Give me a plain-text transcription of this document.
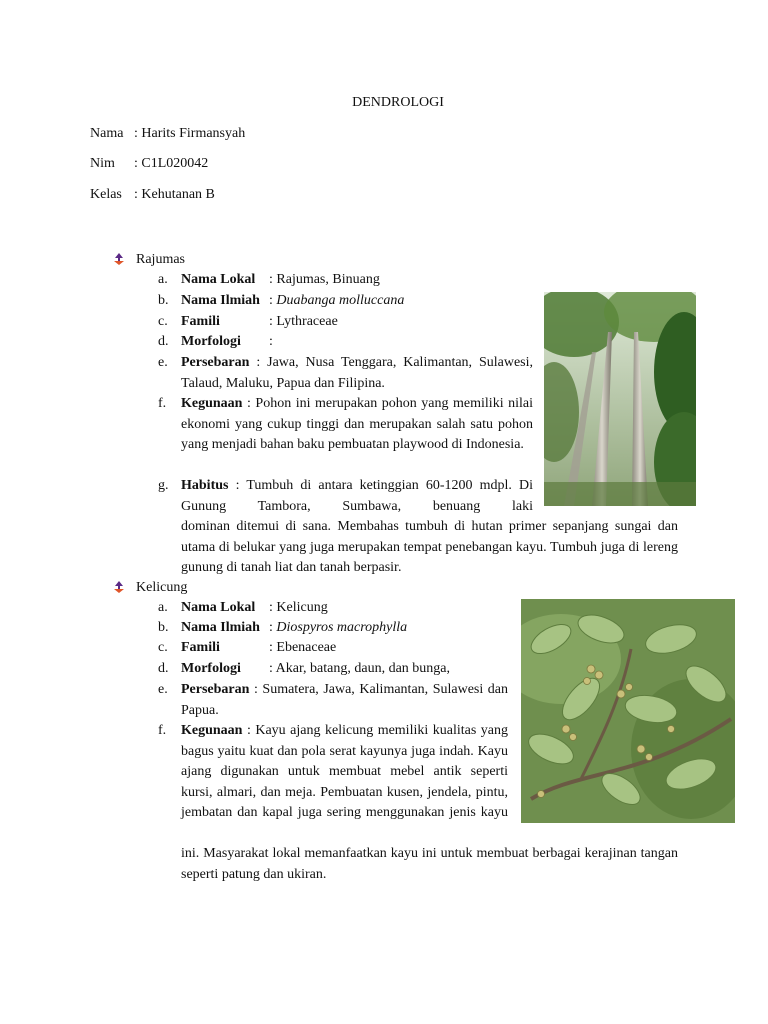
DENDROLOGI
Nama : Harits Firmansyah
Nim : C1L020042
Kelas : Kehutanan B
Rajumas
a. Nama Lokal : Rajumas, Binuang
b. Nama Ilmiah : Duabanga molluccana
c. Famili	: Lythraceae
d. Morfologi :
e. Persebaran : Jawa, Nusa Tenggara, Kalimantan, Sulawesi, Talaud, Maluku, Papua dan Filipina.
f.	Kegunaan : Pohon ini merupakan pohon yang memiliki nilai ekonomi yang cukup tinggi dan merupakan salah satu pohon yang menjadi bahan baku pembuatan playwood di Indonesia.
g. Habitus : Tumbuh di antara ketinggian 60-1200 mdpl. Di Gunung Tambora, Sumbawa, benuang laki
dominan ditemui di sana. Membahas tumbuh di hutan primer sepanjang sungai dan utama di belukar yang juga merupakan tempat penebangan kayu. Tumbuh juga di lereng gunung di tanah liat dan tanah berpasir.
Kelicung
a. Nama Lokal : Kelicung
b. Nama Ilmiah : Diospyros macrophylla
c. Famili	: Ebenaceae
d. Morfologi : Akar, batang, daun, dan bunga,
e. Persebaran : Sumatera, Jawa, Kalimantan, Sulawesi dan Papua.
f.	Kegunaan : Kayu ajang kelicung memiliki kualitas yang bagus yaitu kuat dan pola serat kayunya juga indah. Kayu ajang digunakan untuk membuat mebel antik seperti kursi, almari, dan meja. Pembuatan kusen, jendela, pintu, jembatan dan kapal juga sering menggunakan jenis kayu
ini. Masyarakat lokal memanfaatkan kayu ini untuk membuat berbagai kerajinan tangan seperti patung dan ukiran.
